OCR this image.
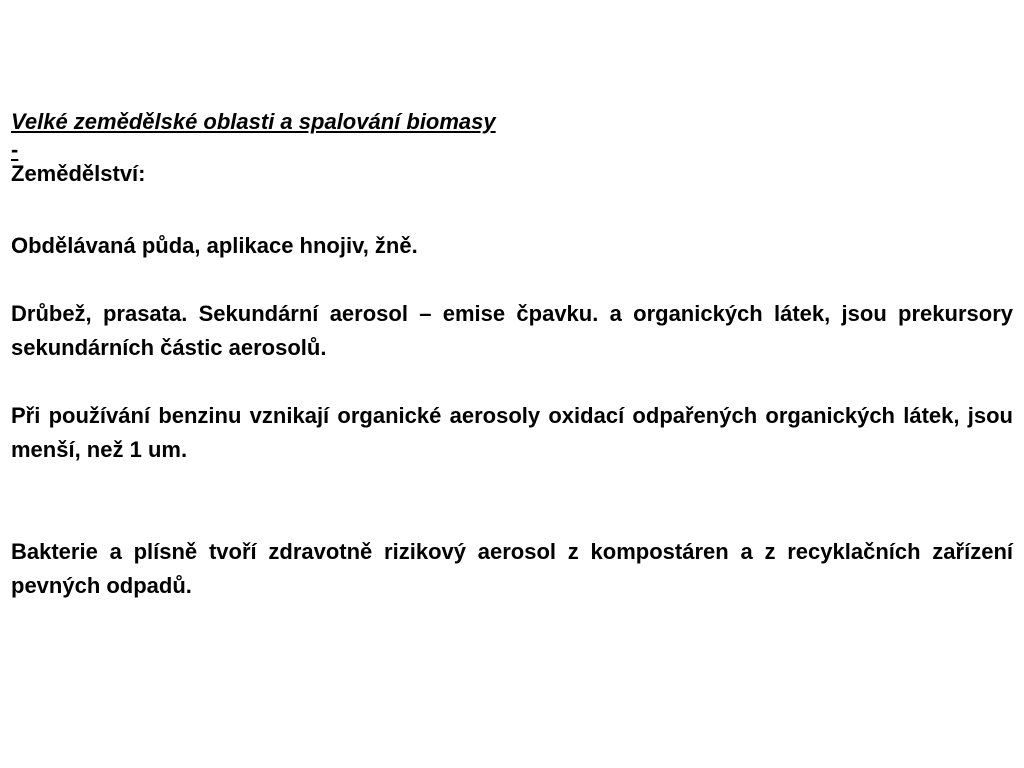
Velké zemědělské oblasti a spalování biomasy
-
Zemědělství:

Obdělávaná půda, aplikace hnojiv, žně.

Drůbež, prasata. Sekundární aerosol – emise čpavku. a organických látek, jsou prekursory sekundárních částic aerosolů.

Při používání benzinu vznikají organické aerosoly oxidací odpařených organických látek, jsou menší, než 1 um.

Bakterie a plísně tvoří zdravotně rizikový aerosol z kompostáren a z recyklačních zařízení pevných odpadů.
